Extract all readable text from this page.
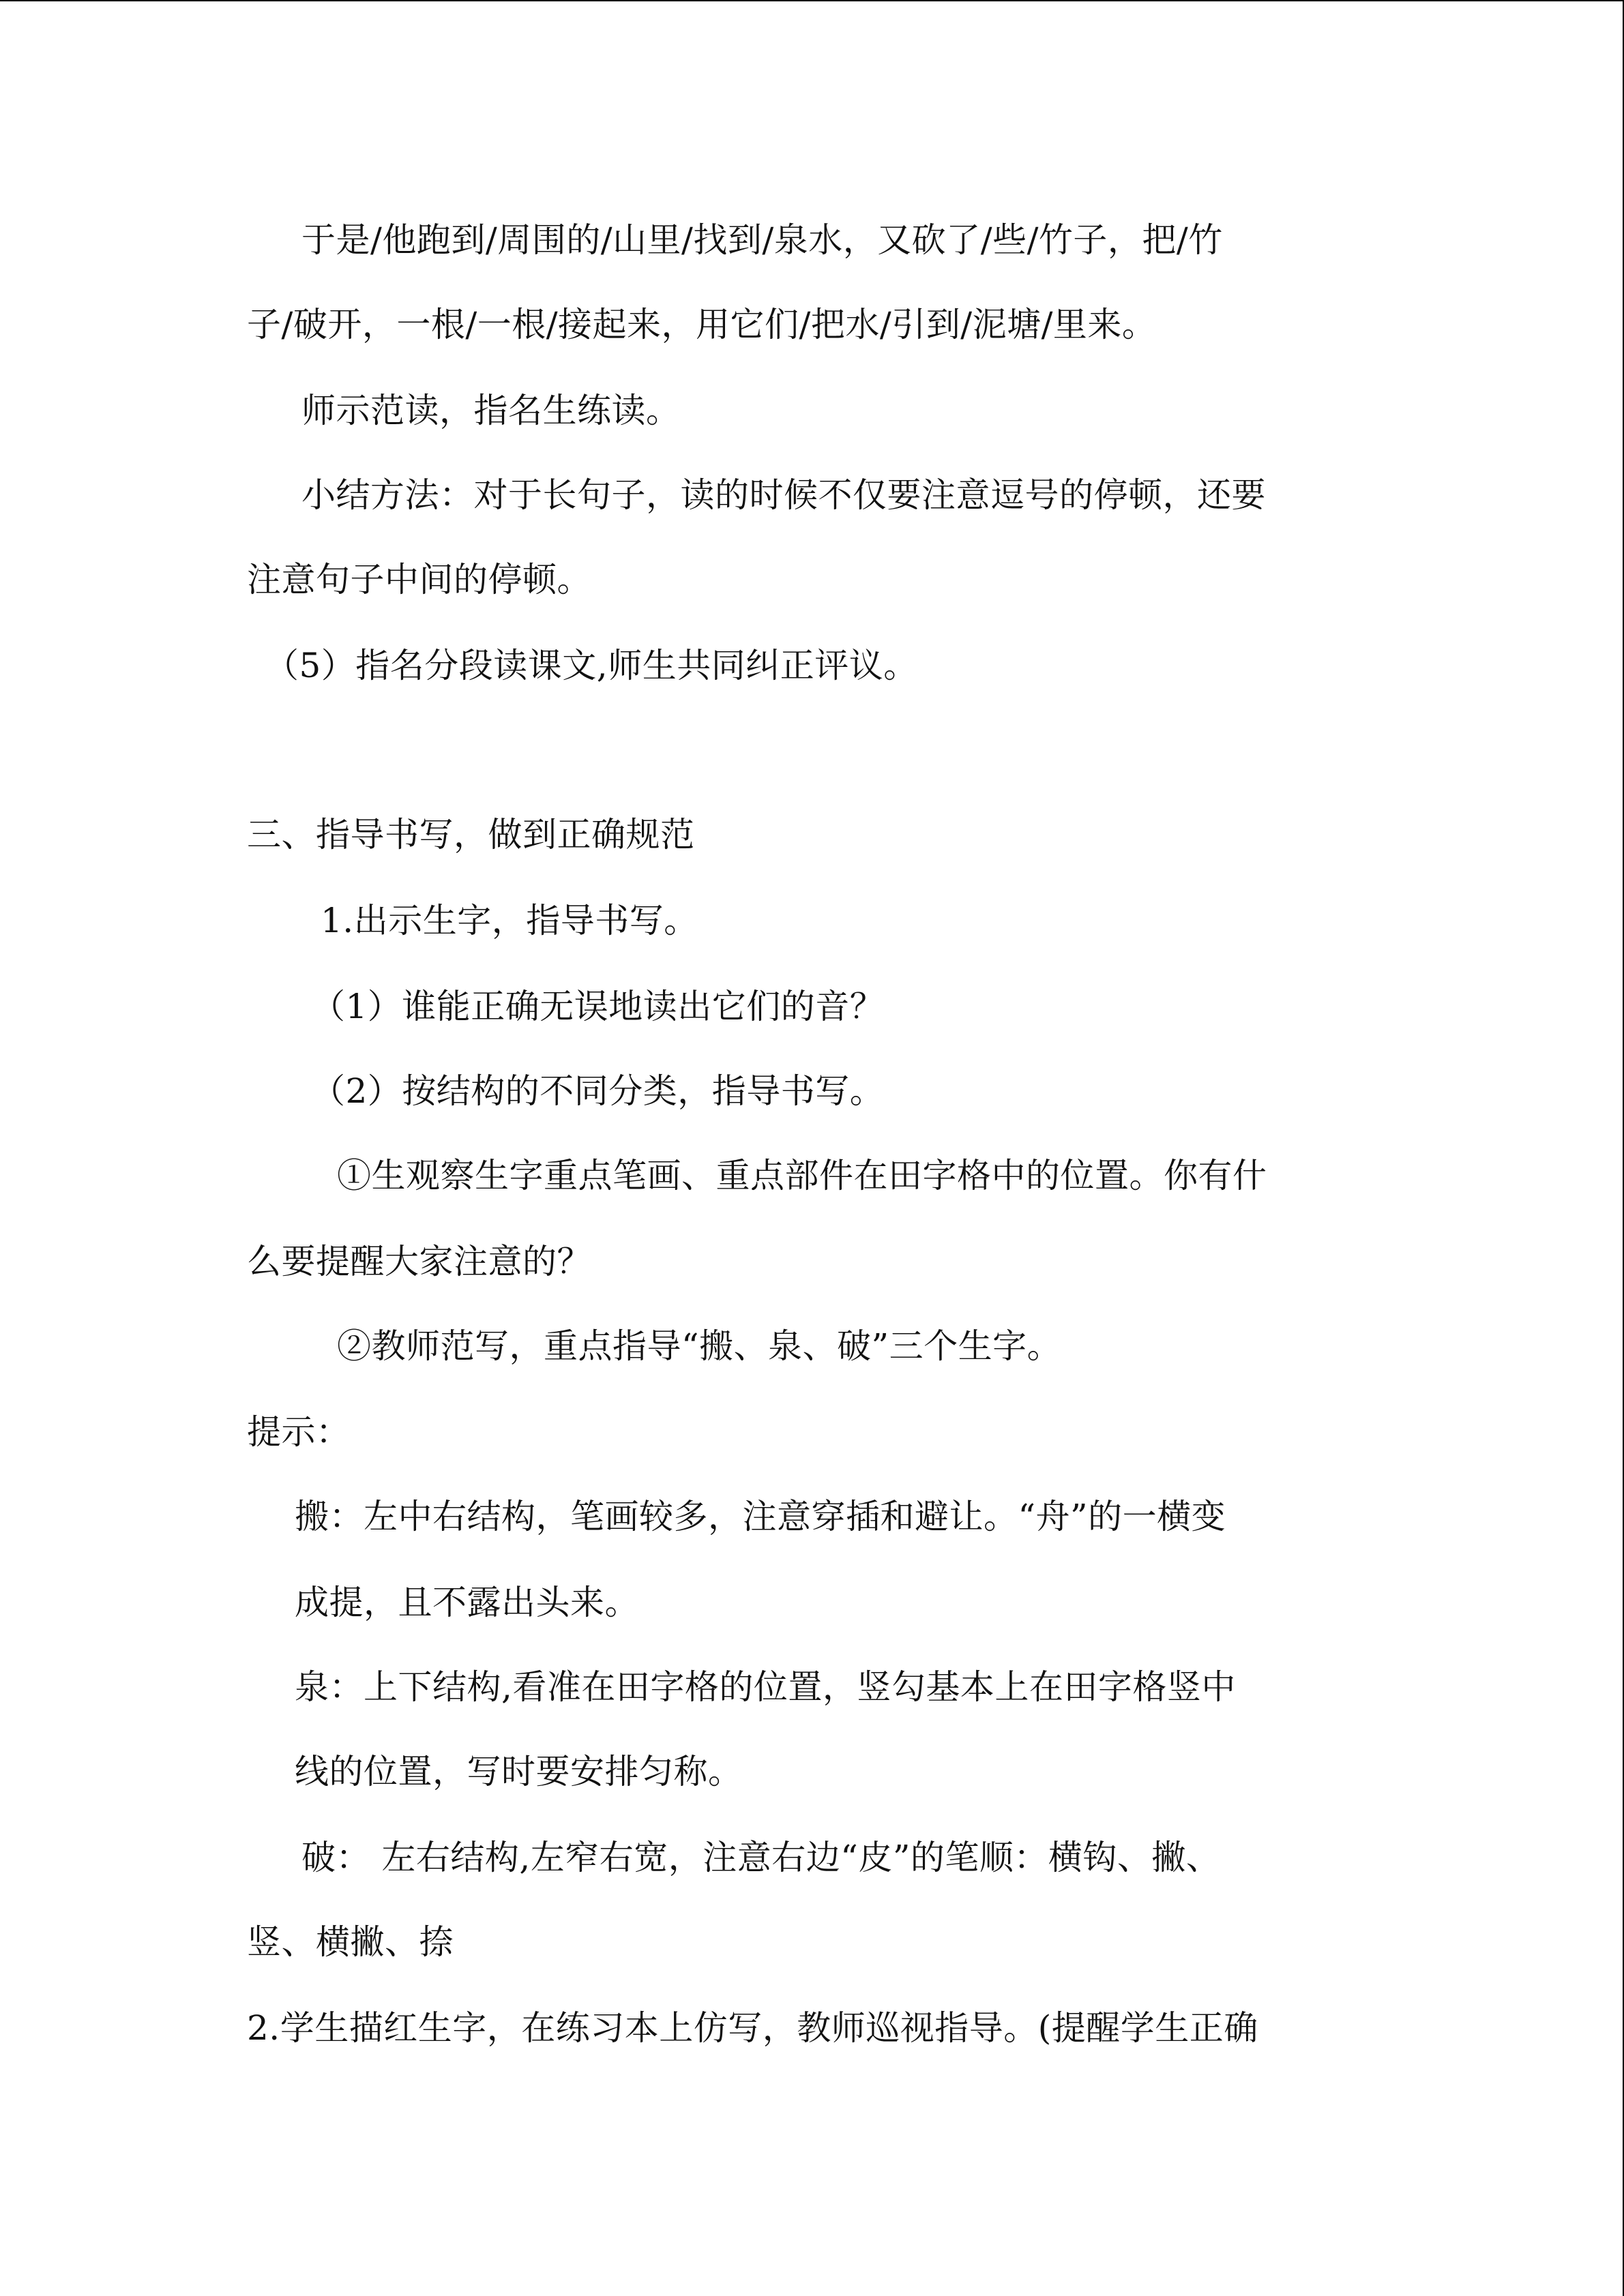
于是/他跑到/周围的/山里/找到/泉水，又砍了/些/竹子，把/竹
子/破开，一根/一根/接起来，用它们/把水/引到/泥塘/里来。
师示范读，指名生练读。
小结方法：对于长句子，读的时候不仅要注意逗号的停顿，还要
注意句子中间的停顿。
（5）指名分段读课文,师生共同纠正评议。
三、指导书写，做到正确规范
1.出示生字，指导书写。
（1）谁能正确无误地读出它们的音？
（2）按结构的不同分类，指导书写。
①生观察生字重点笔画、重点部件在田字格中的位置。你有什
么要提醒大家注意的？
②教师范写，重点指导“搬、泉、破”三个生字。
提示：
搬：左中右结构，笔画较多，注意穿插和避让。“舟”的一横变
成提，且不露出头来。
泉：上下结构,看准在田字格的位置，竖勾基本上在田字格竖中
线的位置，写时要安排匀称。
破： 左右结构,左窄右宽，注意右边“皮”的笔顺：横钩、撇、
竖、横撇、捺
2.学生描红生字，在练习本上仿写，教师巡视指导。(提醒学生正确
